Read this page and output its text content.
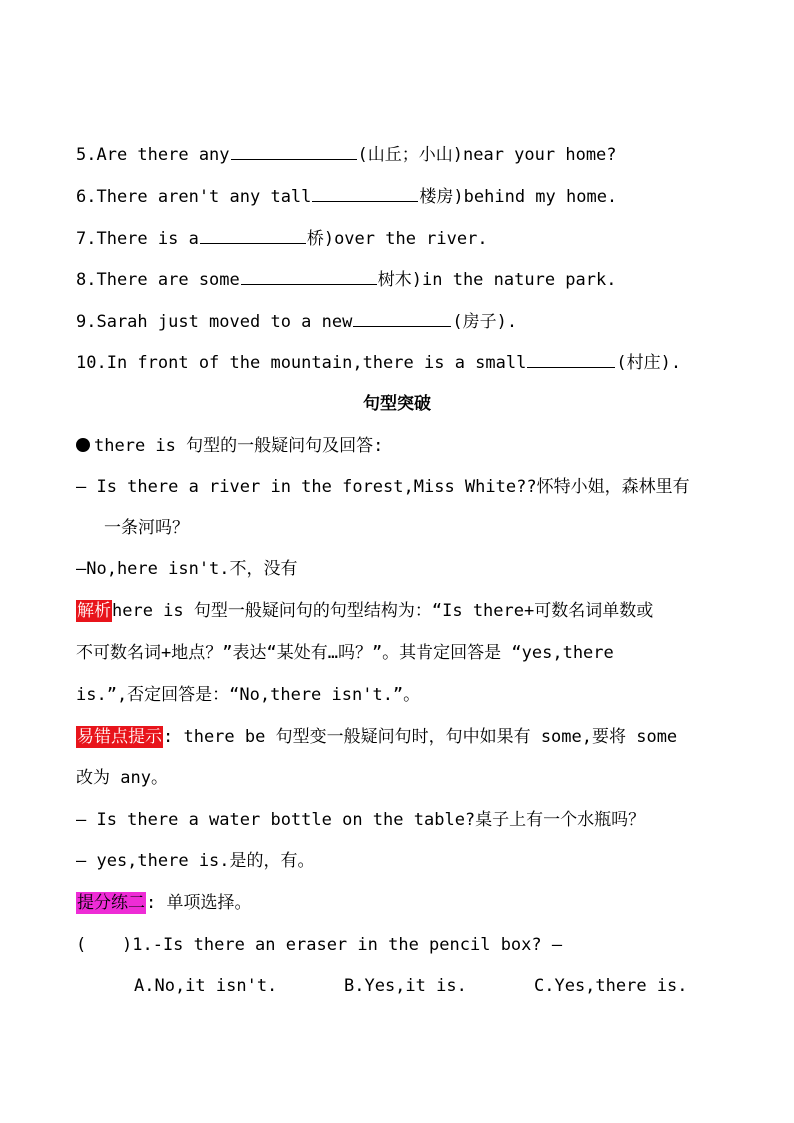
5.Are there any	(山丘；小山)near your home?
6.There aren't any tall	楼房)behind my home.
7.There is a	桥)over the river.
8.There are some	树木)in the nature park.
9.Sarah just moved to a new	(房子).
10.In front of the mountain,there is a small	(村庄).
句型突破
there is 句型的一般疑问句及回答:
— Is there a river in the forest,Miss White??怀特小姐，森林里有
一条河吗？
—No,here isn't.不，没有
解析here is 句型一般疑问句的句型结构为：“Is there+可数名词单数或
不可数名词+地点？”表达“某处有…吗？”。其肯定回答是 “yes,there
is.”,否定回答是：“No,there isn't.”。
易错点提示: there be 句型变一般疑问句时，句中如果有 some,要将 some
改为 any。
— Is there a water bottle on the table?桌子上有一个水瓶吗？
— yes,there is.是的，有。
提分练二: 单项选择。
( )1.-Is there an eraser in the pencil box? —
A.No,it isn't.	B.Yes,it is.	C.Yes,there is.
